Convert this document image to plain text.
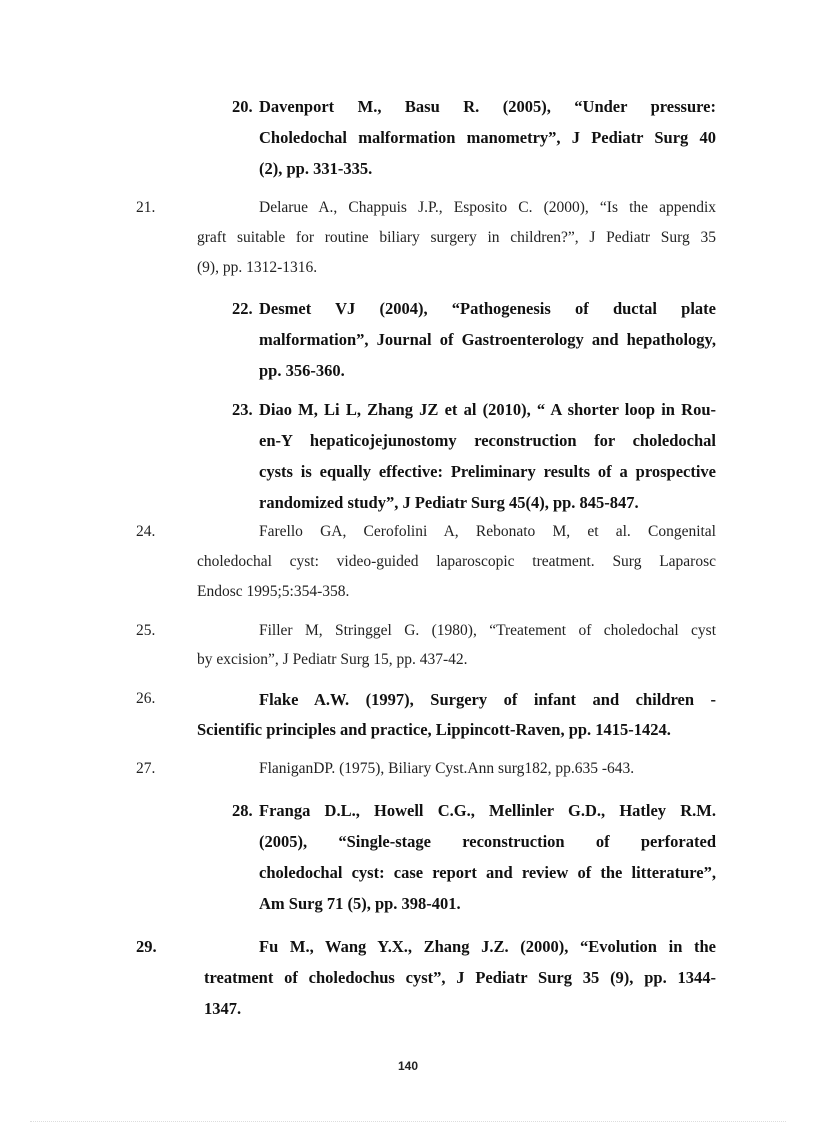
20. Davenport M., Basu R. (2005), “Under pressure:
Choledochal malformation manometry”, J Pediatr Surg 40
(2), pp. 331-335.
21.	Delarue A., Chappuis J.P., Esposito C. (2000), “Is the appendix
graft suitable for routine biliary surgery in children?”, J Pediatr Surg 35
(9), pp. 1312-1316.
22. Desmet VJ (2004), “Pathogenesis of ductal plate
malformation”, Journal of Gastroenterology and hepathology,
pp. 356-360.
23. Diao M, Li L, Zhang JZ et al (2010), “ A shorter loop in Rou-
en-Y hepaticojejunostomy reconstruction for choledochal
cysts is equally effective: Preliminary results of a prospective
randomized study”, J Pediatr Surg 45(4), pp. 845-847.
24.	Farello GA, Cerofolini A, Rebonato M, et al. Congenital
choledochal cyst: video-guided laparoscopic treatment. Surg Laparosc
Endosc 1995;5:354-358.
25.	Filler M, Stringgel G. (1980), “Treatement of choledochal cyst
by excision”, J Pediatr Surg 15, pp. 437-42.
26.	Flake A.W. (1997), Surgery of infant and children -
Scientific principles and practice, Lippincott-Raven, pp. 1415-1424.
27.	FlaniganDP. (1975), Biliary Cyst.Ann surg182, pp.635 -643.
28. Franga D.L., Howell C.G., Mellinler G.D., Hatley R.M.
(2005), “Single-stage reconstruction of perforated
choledochal cyst: case report and review of the litterature”,
Am Surg 71 (5), pp. 398-401.
29.	Fu M., Wang Y.X., Zhang J.Z. (2000), “Evolution in the
treatment of choledochus cyst”, J Pediatr Surg 35 (9), pp. 1344-
1347.
140
